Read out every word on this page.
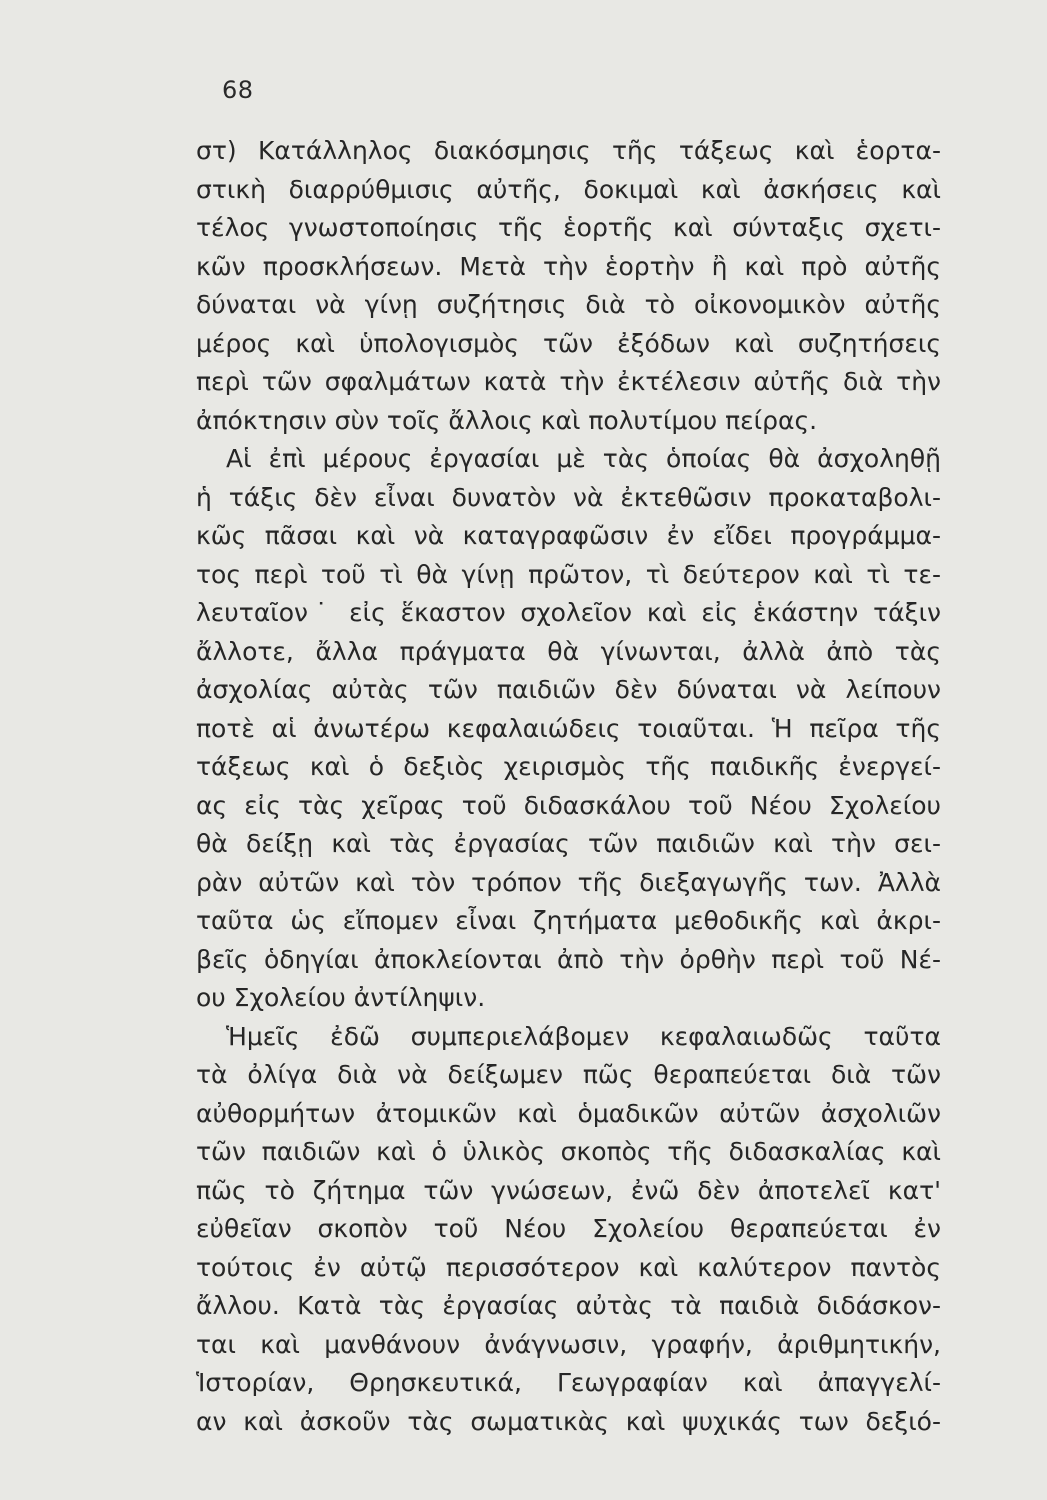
68
στ) Κατάλληλος διακόσμησις τῆς τάξεως καὶ ἑορτα-
στικὴ διαρρύθμισις αὐτῆς, δοκιμαὶ καὶ ἀσκήσεις καὶ
τέλος γνωστοποίησις τῆς ἑορτῆς καὶ σύνταξις σχετι-
κῶν προσκλήσεων. Μετὰ τὴν ἑορτὴν ἢ καὶ πρὸ αὐτῆς
δύναται νὰ γίνῃ συζήτησις διὰ τὸ οἰκονομικὸν αὐτῆς
μέρος καὶ ὑπολογισμὸς τῶν ἐξόδων καὶ συζητήσεις
περὶ τῶν σφαλμάτων κατὰ τὴν ἐκτέλεσιν αὐτῆς διὰ τὴν
ἀπόκτησιν σὺν τοῖς ἄλλοις καὶ πολυτίμου πείρας.
Αἱ ἐπὶ μέρους ἐργασίαι μὲ τὰς ὁποίας θὰ ἀσχοληθῇ
ἡ τάξις δὲν εἶναι δυνατὸν νὰ ἐκτεθῶσιν προκαταβολι-
κῶς πᾶσαι καὶ νὰ καταγραφῶσιν ἐν εἴδει προγράμμα-
τος περὶ τοῦ τὶ θὰ γίνῃ πρῶτον, τὶ δεύτερον καὶ τὶ τε-
λευταῖον˙ εἰς ἕκαστον σχολεῖον καὶ εἰς ἑκάστην τάξιν
ἄλλοτε, ἄλλα πράγματα θὰ γίνωνται, ἀλλὰ ἀπὸ τὰς
ἀσχολίας αὐτὰς τῶν παιδιῶν δὲν δύναται νὰ λείπουν
ποτὲ αἱ ἀνωτέρω κεφαλαιώδεις τοιαῦται. Ἡ πεῖρα τῆς
τάξεως καὶ ὁ δεξιὸς χειρισμὸς τῆς παιδικῆς ἐνεργεί-
ας εἰς τὰς χεῖρας τοῦ διδασκάλου τοῦ Νέου Σχολείου
θὰ δείξῃ καὶ τὰς ἐργασίας τῶν παιδιῶν καὶ τὴν σει-
ρὰν αὐτῶν καὶ τὸν τρόπον τῆς διεξαγωγῆς των. Ἀλλὰ
ταῦτα ὡς εἴπομεν εἶναι ζητήματα μεθοδικῆς καὶ ἀκρι-
βεῖς ὁδηγίαι ἀποκλείονται ἀπὸ τὴν ὀρθὴν περὶ τοῦ Νέ-
ου Σχολείου ἀντίληψιν.
Ἡμεῖς ἐδῶ συμπεριελάβομεν κεφαλαιωδῶς ταῦτα
τὰ ὀλίγα διὰ νὰ δείξωμεν πῶς θεραπεύεται διὰ τῶν
αὐθορμήτων ἀτομικῶν καὶ ὁμαδικῶν αὐτῶν ἀσχολιῶν
τῶν παιδιῶν καὶ ὁ ὑλικὸς σκοπὸς τῆς διδασκαλίας καὶ
πῶς τὸ ζήτημα τῶν γνώσεων, ἐνῶ δὲν ἀποτελεῖ κατ'
εὐθεῖαν σκοπὸν τοῦ Νέου Σχολείου θεραπεύεται ἐν
τούτοις ἐν αὐτῷ περισσότερον καὶ καλύτερον παντὸς
ἄλλου. Κατὰ τὰς ἐργασίας αὐτὰς τὰ παιδιὰ διδάσκον-
ται καὶ μανθάνουν ἀνάγνωσιν, γραφήν, ἀριθμητικήν,
Ἱστορίαν, Θρησκευτικά, Γεωγραφίαν καὶ ἀπαγγελί-
αν καὶ ἀσκοῦν τὰς σωματικὰς καὶ ψυχικάς των δεξιό-
